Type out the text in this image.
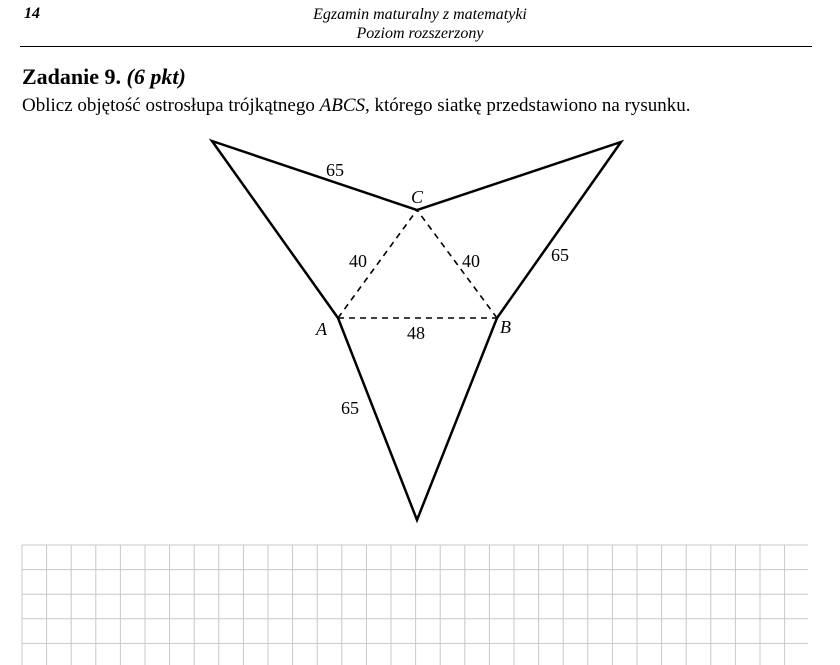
14	Egzamin maturalny z matematyki
Poziom rozszerzony
Zadanie 9. (6 pkt)
Oblicz objętość ostrosłupa trójkątnego ABCS, którego siatkę przedstawiono na rysunku.
C
A	B
65
65
65
40	40
48
